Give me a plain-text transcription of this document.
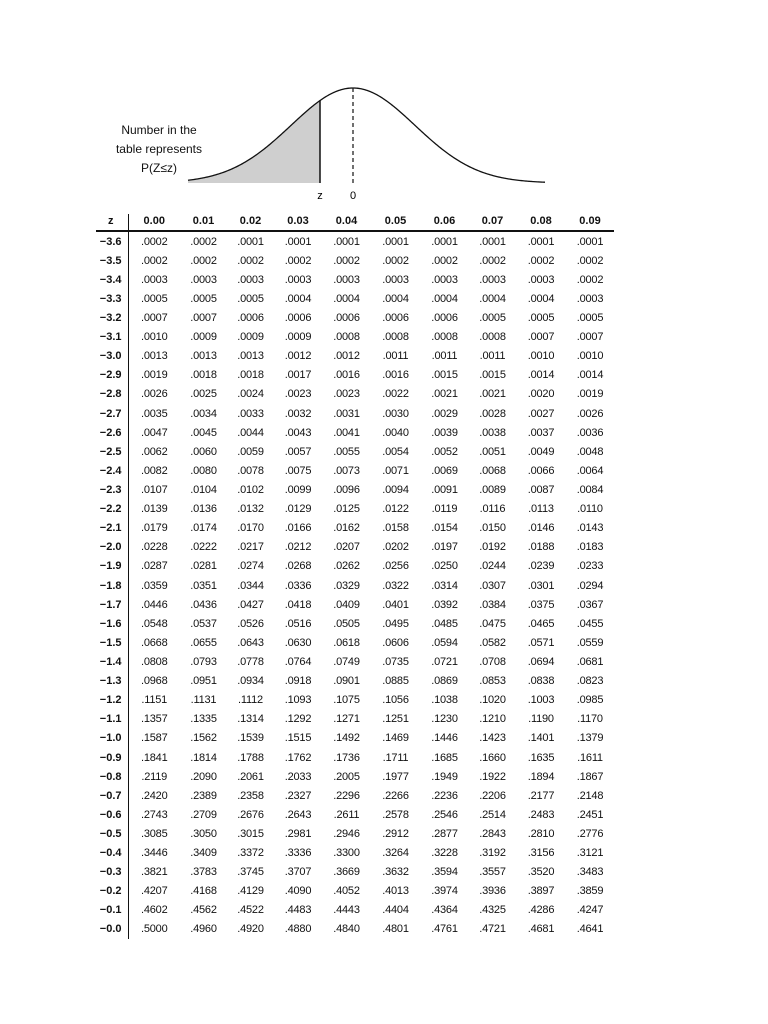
z 0
Number in the
table represents
P(Z≤z)
z	0.00	0.01	0.02	0.03	0.04	0.05	0.06	0.07	0.08	0.09
−3.6	.0002	.0002	.0001	.0001	.0001	.0001	.0001	.0001	.0001	.0001
−3.5	.0002	.0002	.0002	.0002	.0002	.0002	.0002	.0002	.0002	.0002
−3.4	.0003	.0003	.0003	.0003	.0003	.0003	.0003	.0003	.0003	.0002
−3.3	.0005	.0005	.0005	.0004	.0004	.0004	.0004	.0004	.0004	.0003
−3.2	.0007	.0007	.0006	.0006	.0006	.0006	.0006	.0005	.0005	.0005
−3.1	.0010	.0009	.0009	.0009	.0008	.0008	.0008	.0008	.0007	.0007
−3.0	.0013	.0013	.0013	.0012	.0012	.0011	.0011	.0011	.0010	.0010
−2.9	.0019	.0018	.0018	.0017	.0016	.0016	.0015	.0015	.0014	.0014
−2.8	.0026	.0025	.0024	.0023	.0023	.0022	.0021	.0021	.0020	.0019
−2.7	.0035	.0034	.0033	.0032	.0031	.0030	.0029	.0028	.0027	.0026
−2.6	.0047	.0045	.0044	.0043	.0041	.0040	.0039	.0038	.0037	.0036
−2.5	.0062	.0060	.0059	.0057	.0055	.0054	.0052	.0051	.0049	.0048
−2.4	.0082	.0080	.0078	.0075	.0073	.0071	.0069	.0068	.0066	.0064
−2.3	.0107	.0104	.0102	.0099	.0096	.0094	.0091	.0089	.0087	.0084
−2.2	.0139	.0136	.0132	.0129	.0125	.0122	.0119	.0116	.0113	.0110
−2.1	.0179	.0174	.0170	.0166	.0162	.0158	.0154	.0150	.0146	.0143
−2.0	.0228	.0222	.0217	.0212	.0207	.0202	.0197	.0192	.0188	.0183
−1.9	.0287	.0281	.0274	.0268	.0262	.0256	.0250	.0244	.0239	.0233
−1.8	.0359	.0351	.0344	.0336	.0329	.0322	.0314	.0307	.0301	.0294
−1.7	.0446	.0436	.0427	.0418	.0409	.0401	.0392	.0384	.0375	.0367
−1.6	.0548	.0537	.0526	.0516	.0505	.0495	.0485	.0475	.0465	.0455
−1.5	.0668	.0655	.0643	.0630	.0618	.0606	.0594	.0582	.0571	.0559
−1.4	.0808	.0793	.0778	.0764	.0749	.0735	.0721	.0708	.0694	.0681
−1.3	.0968	.0951	.0934	.0918	.0901	.0885	.0869	.0853	.0838	.0823
−1.2	.1151	.1131	.1112	.1093	.1075	.1056	.1038	.1020	.1003	.0985
−1.1	.1357	.1335	.1314	.1292	.1271	.1251	.1230	.1210	.1190	.1170
−1.0	.1587	.1562	.1539	.1515	.1492	.1469	.1446	.1423	.1401	.1379
−0.9	.1841	.1814	.1788	.1762	.1736	.1711	.1685	.1660	.1635	.1611
−0.8	.2119	.2090	.2061	.2033	.2005	.1977	.1949	.1922	.1894	.1867
−0.7	.2420	.2389	.2358	.2327	.2296	.2266	.2236	.2206	.2177	.2148
−0.6	.2743	.2709	.2676	.2643	.2611	.2578	.2546	.2514	.2483	.2451
−0.5	.3085	.3050	.3015	.2981	.2946	.2912	.2877	.2843	.2810	.2776
−0.4	.3446	.3409	.3372	.3336	.3300	.3264	.3228	.3192	.3156	.3121
−0.3	.3821	.3783	.3745	.3707	.3669	.3632	.3594	.3557	.3520	.3483
−0.2	.4207	.4168	.4129	.4090	.4052	.4013	.3974	.3936	.3897	.3859
−0.1	.4602	.4562	.4522	.4483	.4443	.4404	.4364	.4325	.4286	.4247
−0.0	.5000	.4960	.4920	.4880	.4840	.4801	.4761	.4721	.4681	.4641
